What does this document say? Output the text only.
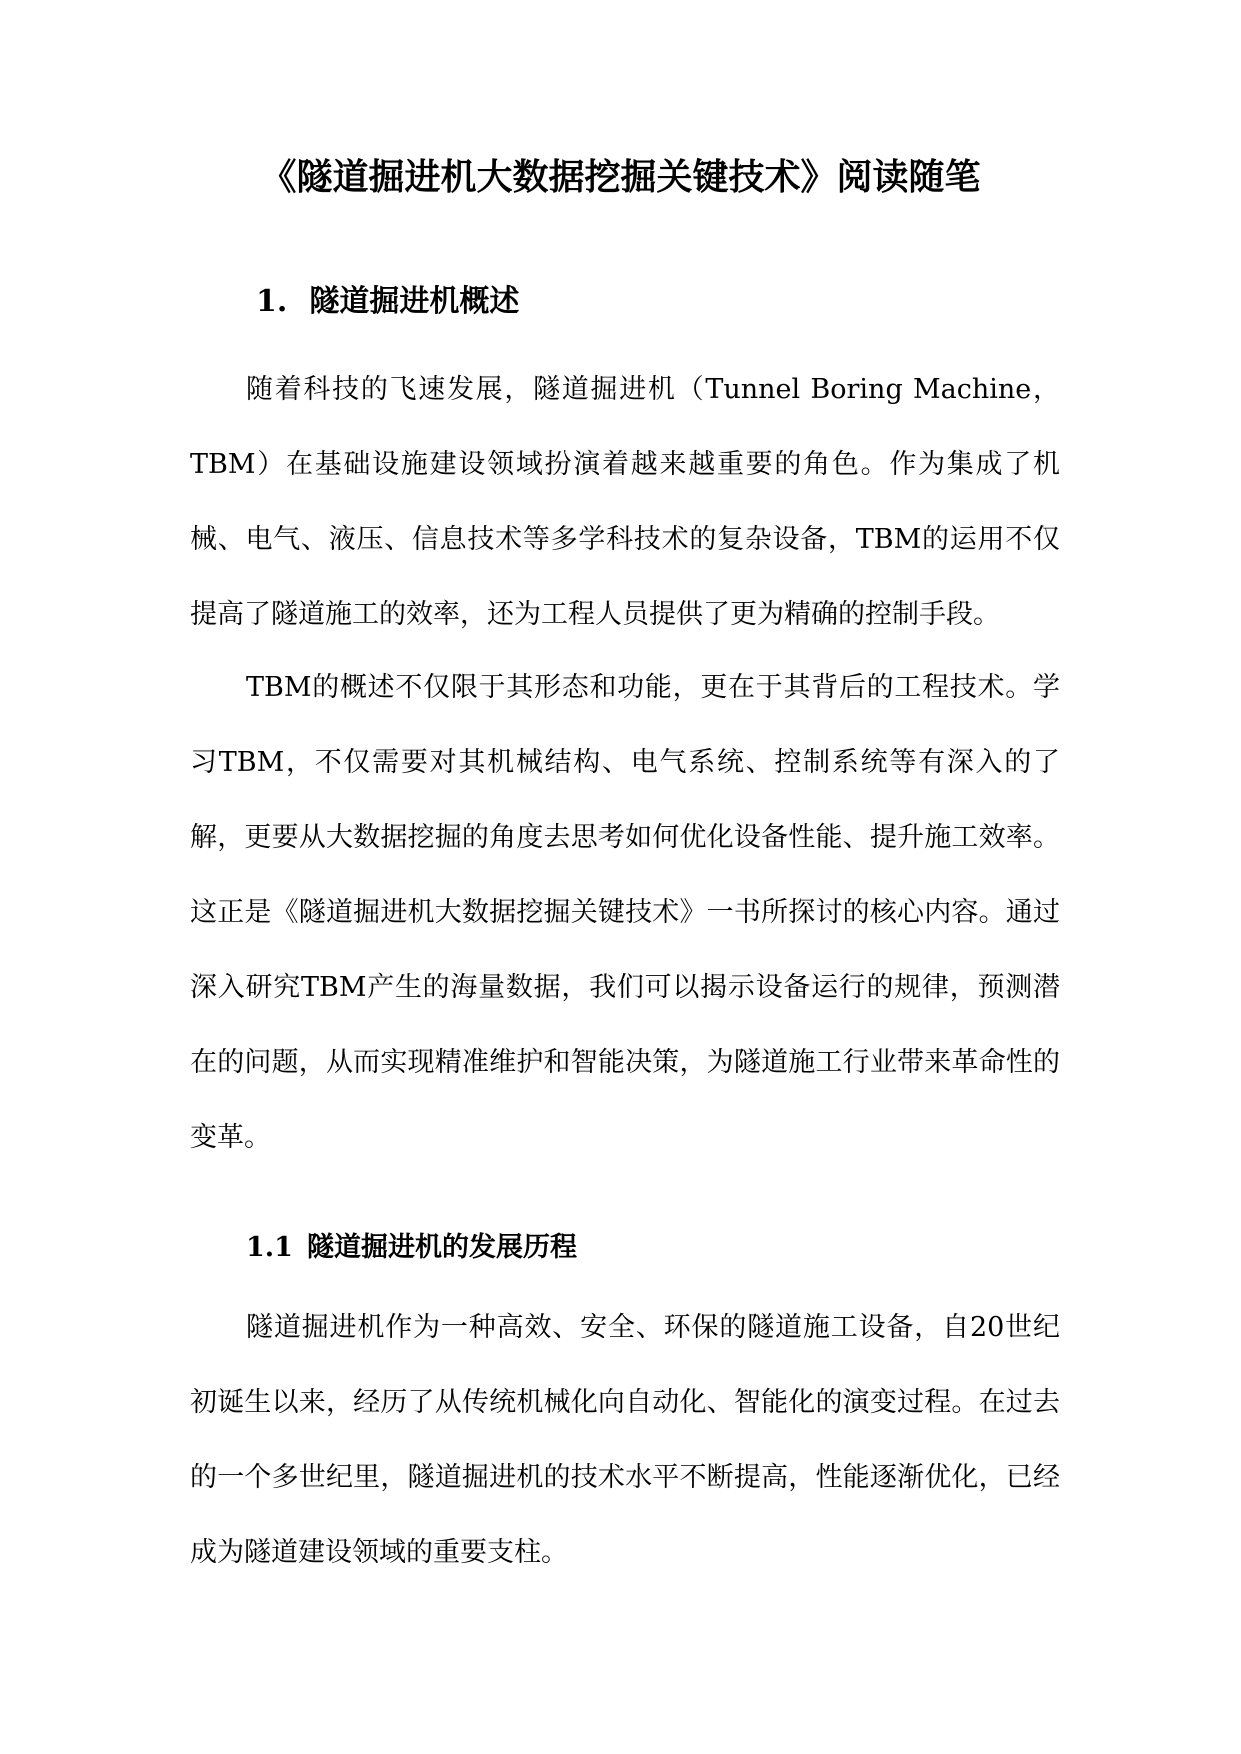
《隧道掘进机大数据挖掘关键技术》阅读随笔
1. 隧道掘进机概述

随着科技的飞速发展，隧道掘进机（Tunnel Boring Machine，TBM）在基础设施建设领域扮演着越来越重要的角色。作为集成了机械、电气、液压、信息技术等多学科技术的复杂设备，TBM的运用不仅提高了隧道施工的效率，还为工程人员提供了更为精确的控制手段。

TBM的概述不仅限于其形态和功能，更在于其背后的工程技术。学习TBM，不仅需要对其机械结构、电气系统、控制系统等有深入的了解，更要从大数据挖掘的角度去思考如何优化设备性能、提升施工效率。这正是《隧道掘进机大数据挖掘关键技术》一书所探讨的核心内容。通过深入研究TBM产生的海量数据，我们可以揭示设备运行的规律，预测潜在的问题，从而实现精准维护和智能决策，为隧道施工行业带来革命性的变革。

1.1 隧道掘进机的发展历程

隧道掘进机作为一种高效、安全、环保的隧道施工设备，自20世纪初诞生以来，经历了从传统机械化向自动化、智能化的演变过程。在过去的一个多世纪里，隧道掘进机的技术水平不断提高，性能逐渐优化，已经成为隧道建设领域的重要支柱。
